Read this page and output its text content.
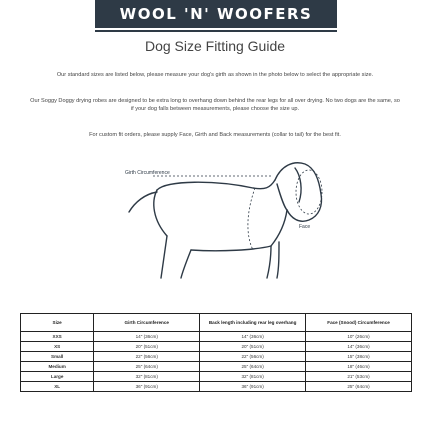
WOOL 'N' WOOFERS
Dog Size Fitting Guide
Our standard sizes are listed below, please measure your dog's girth as shown in the photo below to select the appropriate size.
Our Soggy Doggy drying robes are designed to be extra long to overhang down behind the rear legs for all over drying. No two dogs are the same, so if your dog falls between measurements, please choose the size up.
For custom fit orders, please supply Face, Girth and Back measurements (collar to tail) for the best fit.
Girth Circumference
Face
Size	Girth Circumference	Back length including rear leg overhang	Face (Snood) Circumference
XXS	14" (36cm)	14" (36cm)	10" (26cm)
XS	20" (51cm)	20" (51cm)	14" (36cm)
Small	22" (56cm)	22" (56cm)	15" (38cm)
Medium	25" (64cm)	25" (64cm)	18" (46cm)
Large	32" (81cm)	32" (81cm)	21" (53cm)
XL	36" (91cm)	36" (91cm)	25" (64cm)
